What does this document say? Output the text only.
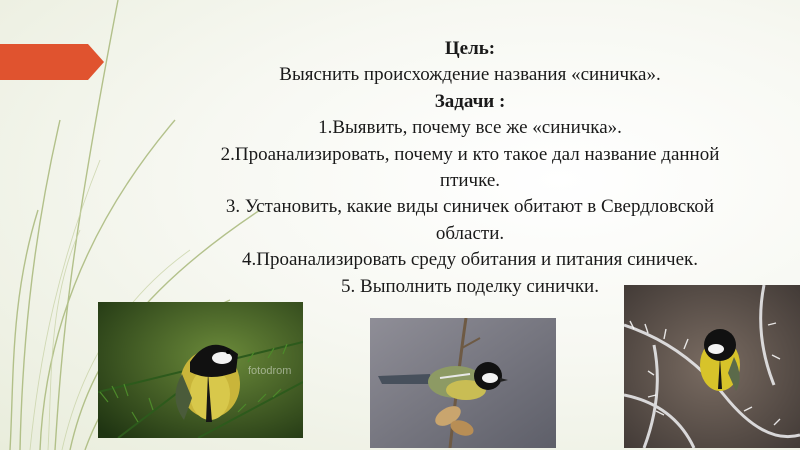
Цель:
Выяснить происхождение названия «синичка».
Задачи :
1.Выявить, почему все же «синичка».
2.Проанализировать, почему и кто такое дал название данной
птичке.
3. Установить, какие виды синичек обитают в Свердловской
области.
4.Проанализировать среду обитания и питания синичек.
5. Выполнить поделку синички.
fotodrom
